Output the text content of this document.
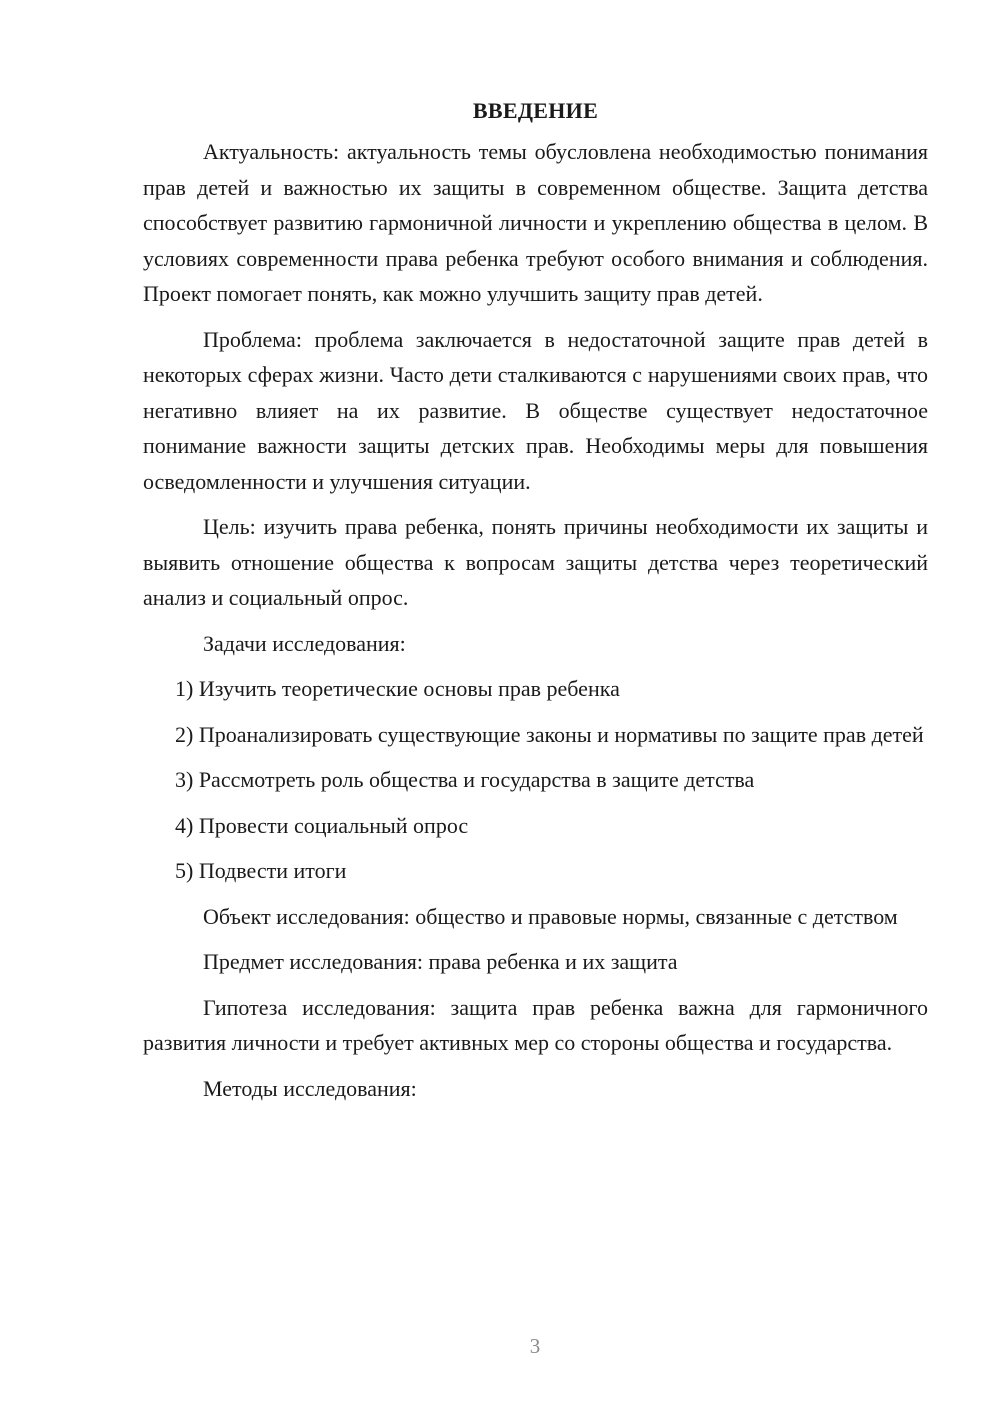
ВВЕДЕНИЕ

Актуальность: актуальность темы обусловлена необходимостью понимания прав детей и важностью их защиты в современном обществе. Защита детства способствует развитию гармоничной личности и укреплению общества в целом. В условиях современности права ребенка требуют особого внимания и соблюдения. Проект помогает понять, как можно улучшить защиту прав детей.

Проблема: проблема заключается в недостаточной защите прав детей в некоторых сферах жизни. Часто дети сталкиваются с нарушениями своих прав, что негативно влияет на их развитие. В обществе существует недостаточное понимание важности защиты детских прав. Необходимы меры для повышения осведомленности и улучшения ситуации.

Цель: изучить права ребенка, понять причины необходимости их защиты и выявить отношение общества к вопросам защиты детства через теоретический анализ и социальный опрос.

Задачи исследования:

1) Изучить теоретические основы прав ребенка

2) Проанализировать существующие законы и нормативы по защите прав детей

3) Рассмотреть роль общества и государства в защите детства

4) Провести социальный опрос

5) Подвести итоги

Объект исследования: общество и правовые нормы, связанные с детством

Предмет исследования: права ребенка и их защита

Гипотеза исследования: защита прав ребенка важна для гармоничного развития личности и требует активных мер со стороны общества и государства.

Методы исследования:

3
